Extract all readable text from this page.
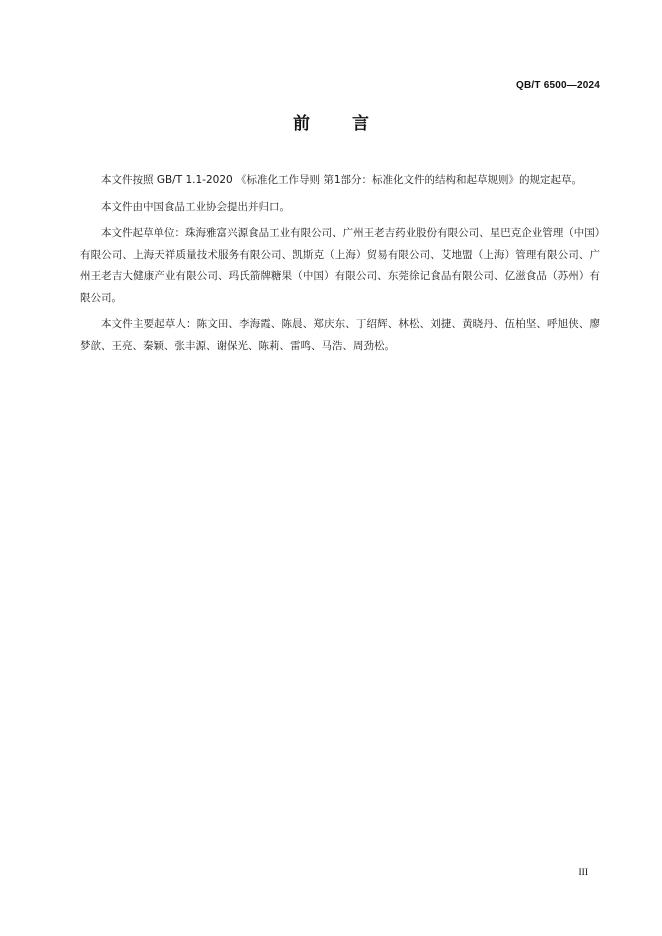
QB/T 6500—2024
前言

本文件按照 GB/T 1.1-2020 《标准化工作导则 第1部分：标准化文件的结构和起草规则》的规定起草。

本文件由中国食品工业协会提出并归口。

本文件起草单位：珠海雅富兴源食品工业有限公司、广州王老吉药业股份有限公司、星巴克企业管理（中国）有限公司、上海天祥质量技术服务有限公司、凯斯克（上海）贸易有限公司、艾地盟（上海）管理有限公司、广州王老吉大健康产业有限公司、玛氏箭牌糖果（中国）有限公司、东莞徐记食品有限公司、亿滋食品（苏州）有限公司。

本文件主要起草人：陈文田、李海霞、陈晨、郑庆东、丁绍辉、林松、刘捷、黄晓丹、伍柏坚、呼旭侠、廖梦歆、王亮、秦颖、张丰源、谢保光、陈莉、雷鸣、马浩、周劲松。

III
